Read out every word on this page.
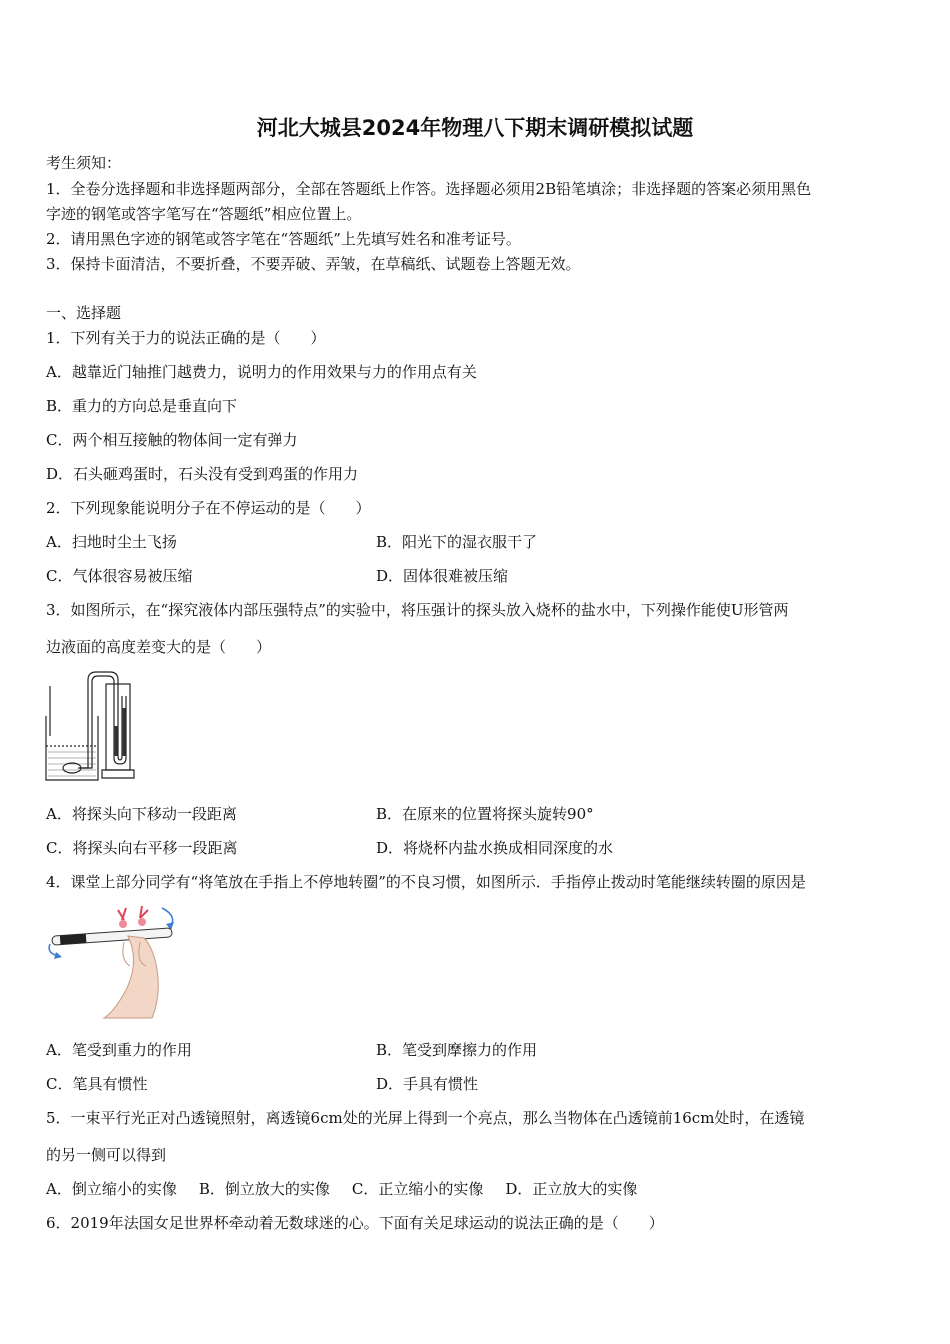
河北大城县2024年物理八下期末调研模拟试题
考生须知：
1．全卷分选择题和非选择题两部分，全部在答题纸上作答。选择题必须用2B铅笔填涂；非选择题的答案必须用黑色
字迹的钢笔或答字笔写在“答题纸”相应位置上。
2．请用黑色字迹的钢笔或答字笔在“答题纸”上先填写姓名和准考证号。
3．保持卡面清洁，不要折叠，不要弄破、弄皱，在草稿纸、试题卷上答题无效。
一、选择题
1．下列有关于力的说法正确的是（　　）
A．越靠近门轴推门越费力，说明力的作用效果与力的作用点有关
B．重力的方向总是垂直向下
C．两个相互接触的物体间一定有弹力
D．石头砸鸡蛋时，石头没有受到鸡蛋的作用力
2．下列现象能说明分子在不停运动的是（　　）
A．扫地时尘土飞扬	B．阳光下的湿衣服干了
C．气体很容易被压缩	D．固体很难被压缩
3．如图所示，在“探究液体内部压强特点”的实验中，将压强计的探头放入烧杯的盐水中，下列操作能使U形管两
边液面的高度差变大的是（　　）
A．将探头向下移动一段距离	B．在原来的位置将探头旋转90°
C．将探头向右平移一段距离	D．将烧杯内盐水换成相同深度的水
4．课堂上部分同学有“将笔放在手指上不停地转圈”的不良习惯，如图所示．手指停止拨动时笔能继续转圈的原因是
A．笔受到重力的作用	B．笔受到摩擦力的作用
C．笔具有惯性	D．手具有惯性
5．一束平行光正对凸透镜照射，离透镜6cm处的光屏上得到一个亮点，那么当物体在凸透镜前16cm处时，在透镜
的另一侧可以得到
A．倒立缩小的实像 B．倒立放大的实像 C．正立缩小的实像 D．正立放大的实像
6．2019年法国女足世界杯牵动着无数球迷的心。下面有关足球运动的说法正确的是（　　）
